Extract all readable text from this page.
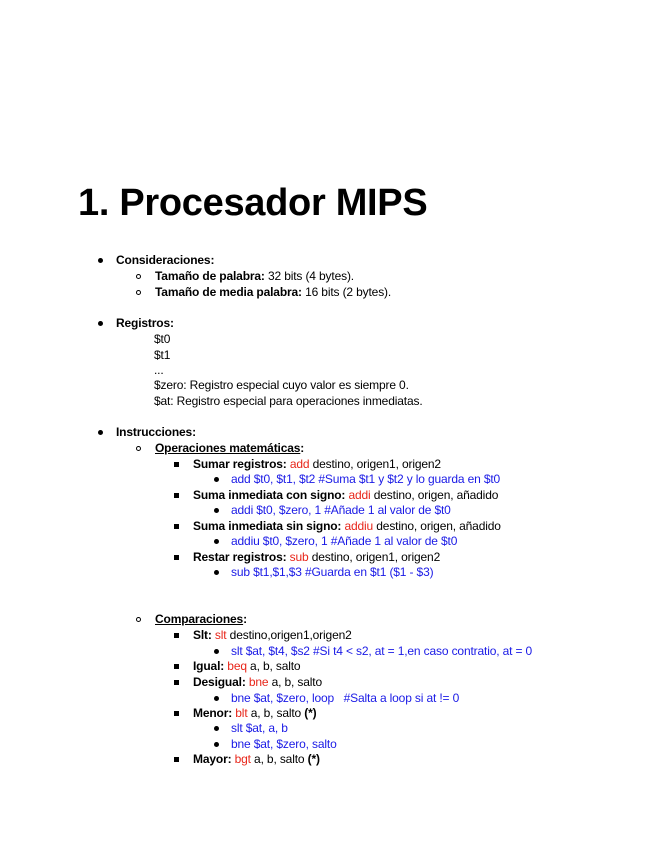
1. Procesador MIPS
Consideraciones:
Tamaño de palabra: 32 bits (4 bytes).
Tamaño de media palabra: 16 bits (2 bytes).
Registros:
$t0
$t1
...
$zero: Registro especial cuyo valor es siempre 0.
$at: Registro especial para operaciones inmediatas.
Instrucciones:
Operaciones matemáticas:
Sumar registros: add destino, origen1, origen2
add $t0, $t1, $t2 #Suma $t1 y $t2 y lo guarda en $t0
Suma inmediata con signo: addi destino, origen, añadido
addi $t0, $zero, 1 #Añade 1 al valor de $t0
Suma inmediata sin signo: addiu destino, origen, añadido
addiu $t0, $zero, 1 #Añade 1 al valor de $t0
Restar registros: sub destino, origen1, origen2
sub $t1,$1,$3 #Guarda en $t1 ($1 - $3)
Comparaciones:
Slt: slt destino,origen1,origen2
slt $at, $t4, $s2 #Si t4 < s2, at = 1,en caso contratio, at = 0
Igual: beq a, b, salto
Desigual: bne a, b, salto
bne $at, $zero, loop   #Salta a loop si at != 0
Menor: blt a, b, salto (*)
slt $at, a, b
bne $at, $zero, salto
Mayor: bgt a, b, salto (*)
